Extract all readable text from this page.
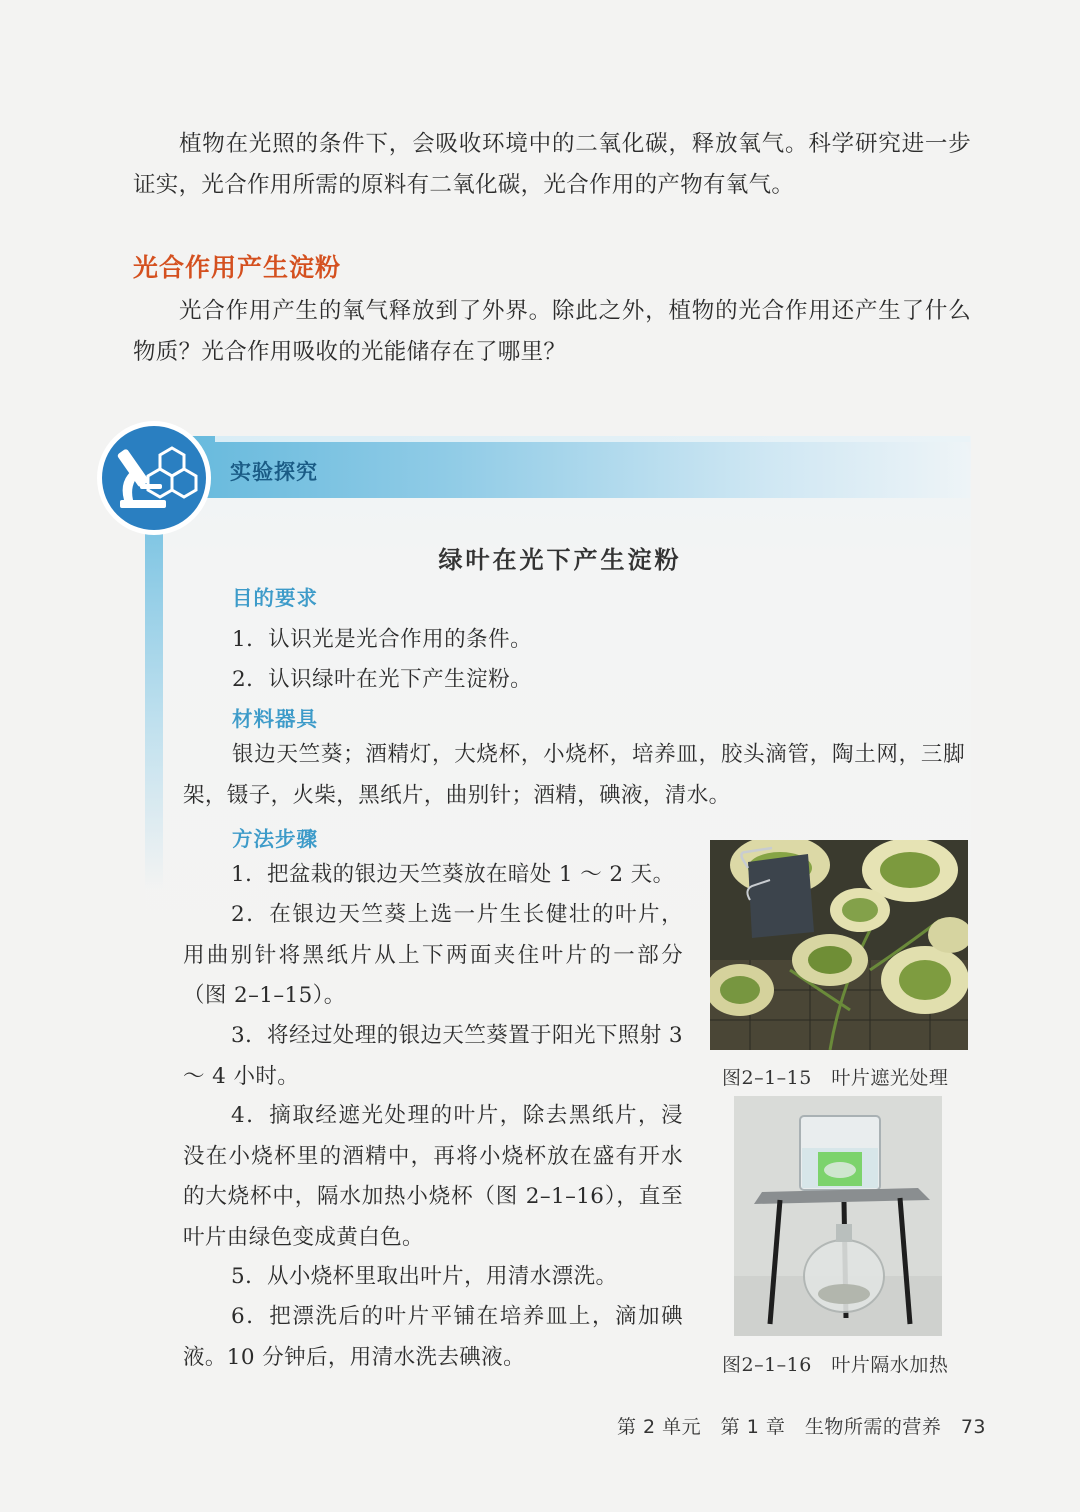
植物在光照的条件下，会吸收环境中的二氧化碳，释放氧气。科学研究进一步证实，光合作用所需的原料有二氧化碳，光合作用的产物有氧气。

光合作用产生淀粉

光合作用产生的氧气释放到了外界。除此之外，植物的光合作用还产生了什么物质？光合作用吸收的光能储存在了哪里？

实验探究
绿叶在光下产生淀粉
目的要求
1．认识光是光合作用的条件。
2．认识绿叶在光下产生淀粉。
材料器具

银边天竺葵；酒精灯，大烧杯，小烧杯，培养皿，胶头滴管，陶土网，三脚架，镊子，火柴，黑纸片，曲别针；酒精，碘液，清水。

方法步骤

1．把盆栽的银边天竺葵放在暗处 1 ～ 2 天。

2．在银边天竺葵上选一片生长健壮的叶片，用曲别针将黑纸片从上下两面夹住叶片的一部分（图 2–1–15）。

3．将经过处理的银边天竺葵置于阳光下照射 3 ～ 4 小时。

4．摘取经遮光处理的叶片，除去黑纸片，浸没在小烧杯里的酒精中，再将小烧杯放在盛有开水的大烧杯中，隔水加热小烧杯（图 2–1–16），直至叶片由绿色变成黄白色。

5．从小烧杯里取出叶片，用清水漂洗。

6．把漂洗后的叶片平铺在培养皿上，滴加碘液。10 分钟后，用清水洗去碘液。

图2–1–15　叶片遮光处理
图2–1–16　叶片隔水加热
第 2 单元　第 1 章　生物所需的营养　73
